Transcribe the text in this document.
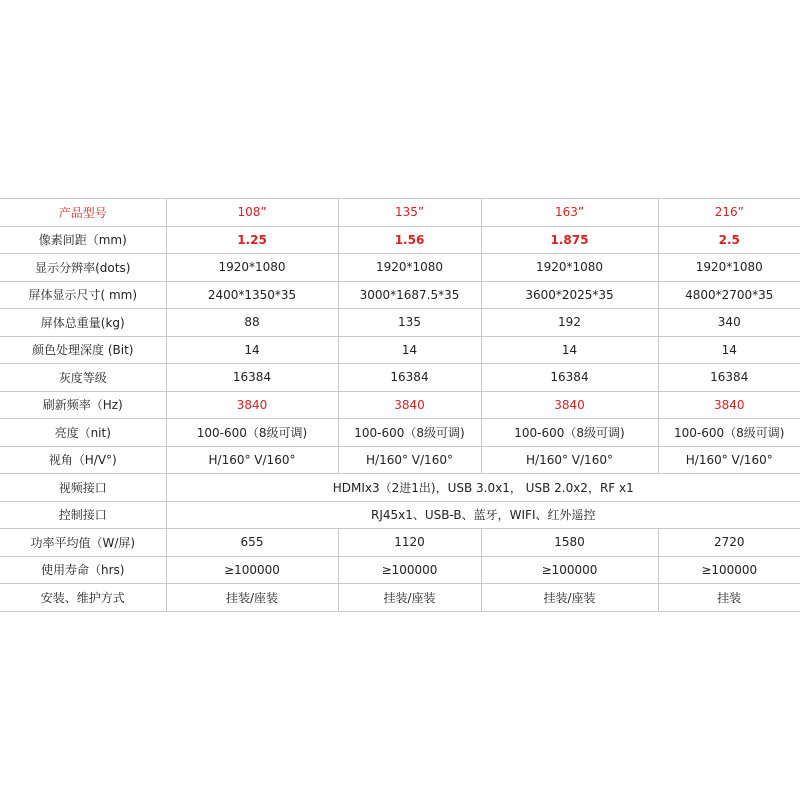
产品型号	108”	135”	163”	216”
像素间距（mm)	1.25	1.56	1.875	2.5
显示分辨率(dots)	1920*1080	1920*1080	1920*1080	1920*1080
屏体显示尺寸( mm)	2400*1350*35	3000*1687.5*35	3600*2025*35	4800*2700*35
屏体总重量(kg)	88	135	192	340
颜色处理深度 (Bit)	14	14	14	14
灰度等级	16384	16384	16384	16384
刷新频率（Hz)	3840	3840	3840	3840
亮度（nit)	100-600（8级可调)	100-600（8级可调)	100-600（8级可调)	100-600（8级可调)
视角（H/V°)	H/160° V/160°	H/160° V/160°	H/160° V/160°	H/160° V/160°
视频接口	HDMIx3（2进1出)，USB 3.0x1， USB 2.0x2，RF x1			
控制接口	RJ45x1、USB-B、蓝牙，WIFI、红外遥控			
功率平均值（W/屏)	655	1120	1580	2720
使用寿命（hrs)	≥100000	≥100000	≥100000	≥100000
安装、维护方式	挂装/座装	挂装/座装	挂装/座装	挂装
